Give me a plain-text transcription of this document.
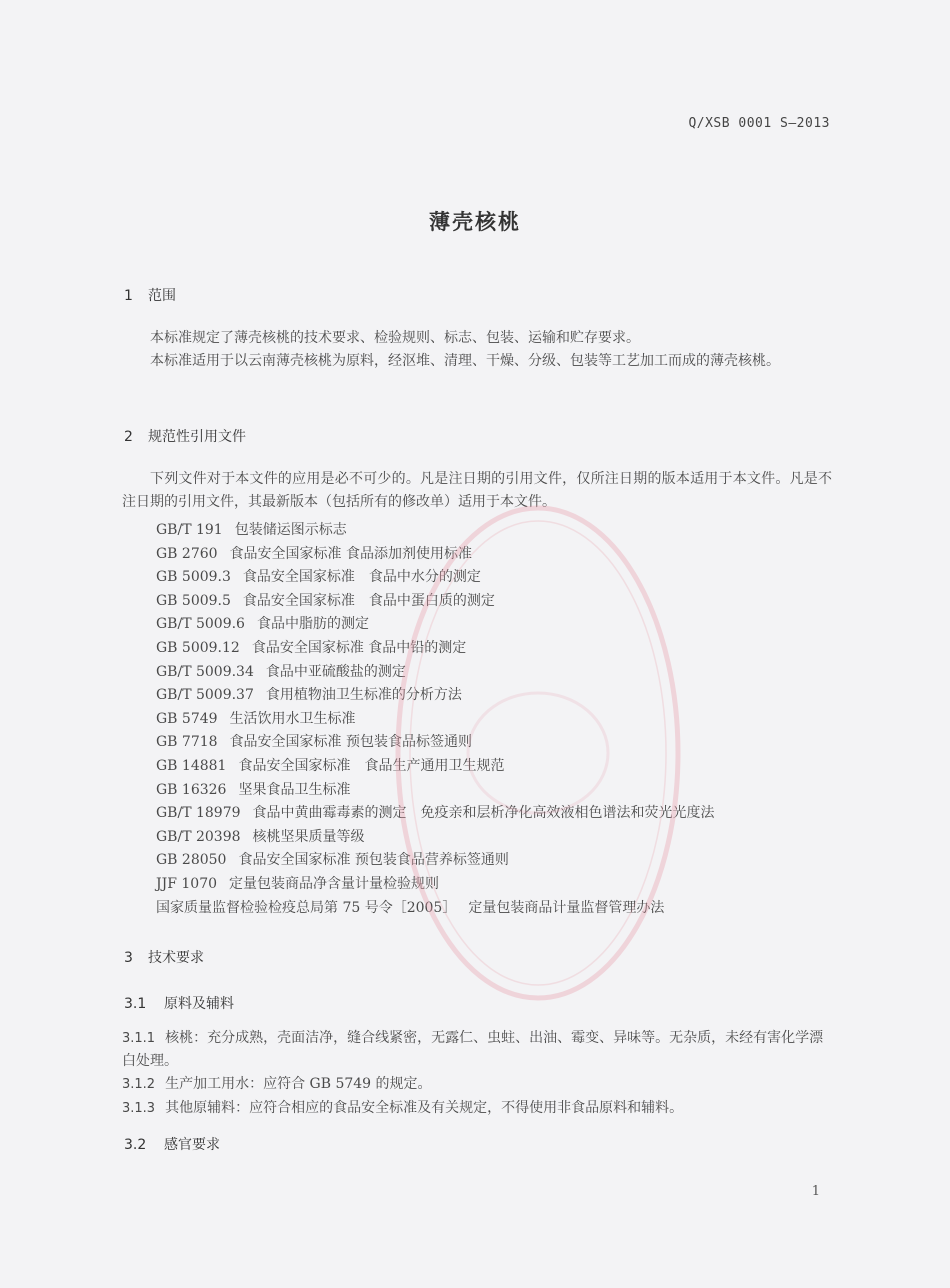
Q/XSB 0001 S—2013
薄壳核桃
1 范围
本标准规定了薄壳核桃的技术要求、检验规则、标志、包装、运输和贮存要求。
本标准适用于以云南薄壳核桃为原料，经沤堆、清理、干燥、分级、包装等工艺加工而成的薄壳核桃。
2 规范性引用文件
下列文件对于本文件的应用是必不可少的。凡是注日期的引用文件，仅所注日期的版本适用于本文件。凡是不注日期的引用文件，其最新版本（包括所有的修改单）适用于本文件。
GB/T 191 包装储运图示标志
GB 2760 食品安全国家标准 食品添加剂使用标准
GB 5009.3 食品安全国家标准　食品中水分的测定
GB 5009.5 食品安全国家标准　食品中蛋白质的测定
GB/T 5009.6 食品中脂肪的测定
GB 5009.12 食品安全国家标准 食品中铅的测定
GB/T 5009.34 食品中亚硫酸盐的测定
GB/T 5009.37 食用植物油卫生标准的分析方法
GB 5749 生活饮用水卫生标准
GB 7718 食品安全国家标准 预包装食品标签通则
GB 14881 食品安全国家标准　食品生产通用卫生规范
GB 16326 坚果食品卫生标准
GB/T 18979 食品中黄曲霉毒素的测定　免疫亲和层析净化高效液相色谱法和荧光光度法
GB/T 20398 核桃坚果质量等级
GB 28050 食品安全国家标准 预包装食品营养标签通则
JJF 1070 定量包装商品净含量计量检验规则
国家质量监督检验检疫总局第 75 号令［2005］ 定量包装商品计量监督管理办法
3 技术要求
3.1 原料及辅料
3.1.1 核桃：充分成熟，壳面洁净，缝合线紧密，无露仁、虫蛀、出油、霉变、异味等。无杂质，未经有害化学漂白处理。
3.1.2 生产加工用水：应符合 GB 5749 的规定。
3.1.3 其他原辅料：应符合相应的食品安全标准及有关规定，不得使用非食品原料和辅料。
3.2 感官要求
1
